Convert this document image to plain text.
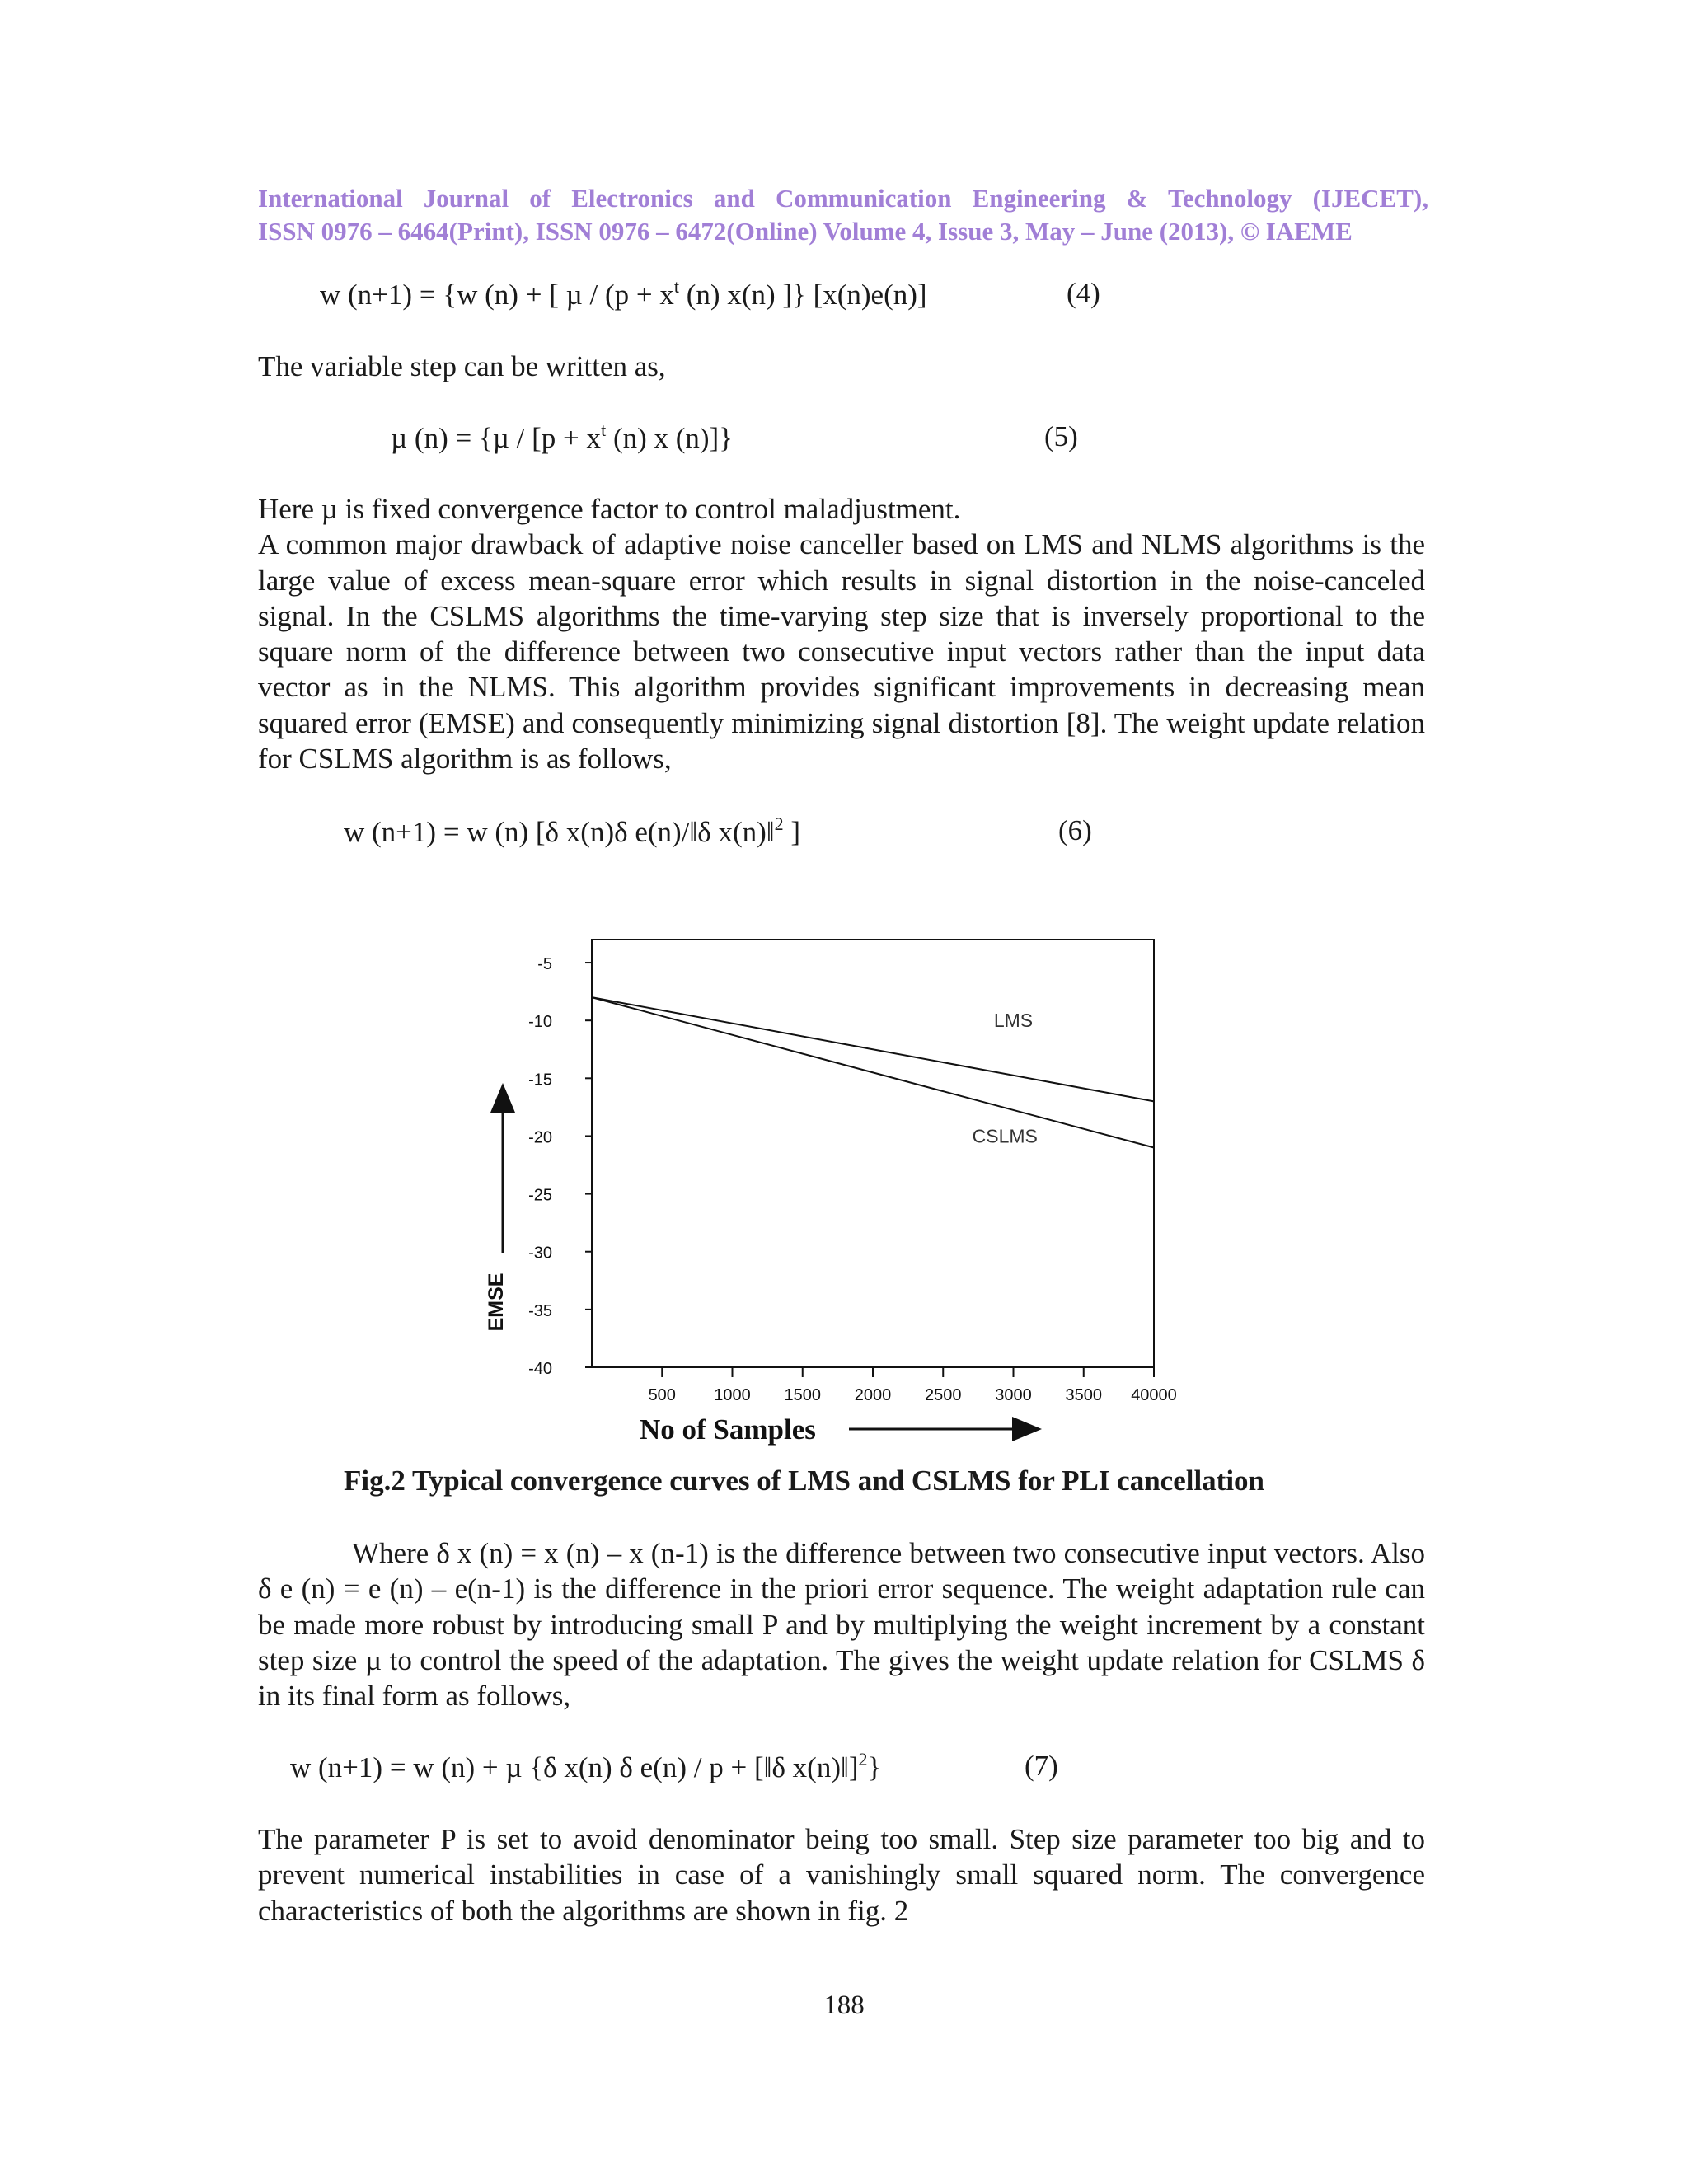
International Journal of Electronics and Communication Engineering & Technology (IJECET),
ISSN 0976 – 6464(Print), ISSN 0976 – 6472(Online) Volume 4, Issue 3, May – June (2013), © IAEME
w (n+1) = {w (n) + [ $\mu / (p + x^t$ (n) x(n) ]} [x(n)e(n)]	(4)
The variable step can be written as,
µ $(n) = \{\mu / [p + x^t$ (n) x (n)]}	(5)

Here µ is fixed convergence factor to control maladjustment.

A common major drawback of adaptive noise canceller based on LMS and NLMS algorithms is the large value of excess mean-square error which results in signal distortion in the noise-canceled signal. In the CSLMS algorithms the time-varying step size that is inversely proportional to the square norm of the difference between two consecutive input vectors rather than the input data vector as in the NLMS. This algorithm provides significant improvements in decreasing mean squared error (EMSE) and consequently minimizing signal distortion [8]. The weight update relation for CSLMS algorithm is as follows,

w (n+1) = w (n) [δ x(n)δ e(n)/‖δ x(n)‖$^2$ ]	(6)
-5
-10
-15
-20
-25
-30
-35
-40
500 1000 1500 2000 2500 3000 3500 40000
LMS
CSLMS
EMSE
No of Samples
Fig.2 Typical convergence curves of LMS and CSLMS for PLI cancellation
Where δ x (n) = x (n) – x (n-1) is the difference between two consecutive input vectors. Also δ e (n) = e (n) – e(n-1) is the difference in the priori error sequence. The weight adaptation rule can be made more robust by introducing small P and by multiplying the weight increment by a constant step size µ to control the speed of the adaptation. The gives the weight update relation for CSLMS δ in its final form as follows,
w (n+1) = w (n) + µ {δ x(n) δ e(n) / p + [‖δ x(n)‖]$^2$}	(7)
The parameter P is set to avoid denominator being too small. Step size parameter too big and to prevent numerical instabilities in case of a vanishingly small squared norm. The convergence characteristics of both the algorithms are shown in fig. 2
188
